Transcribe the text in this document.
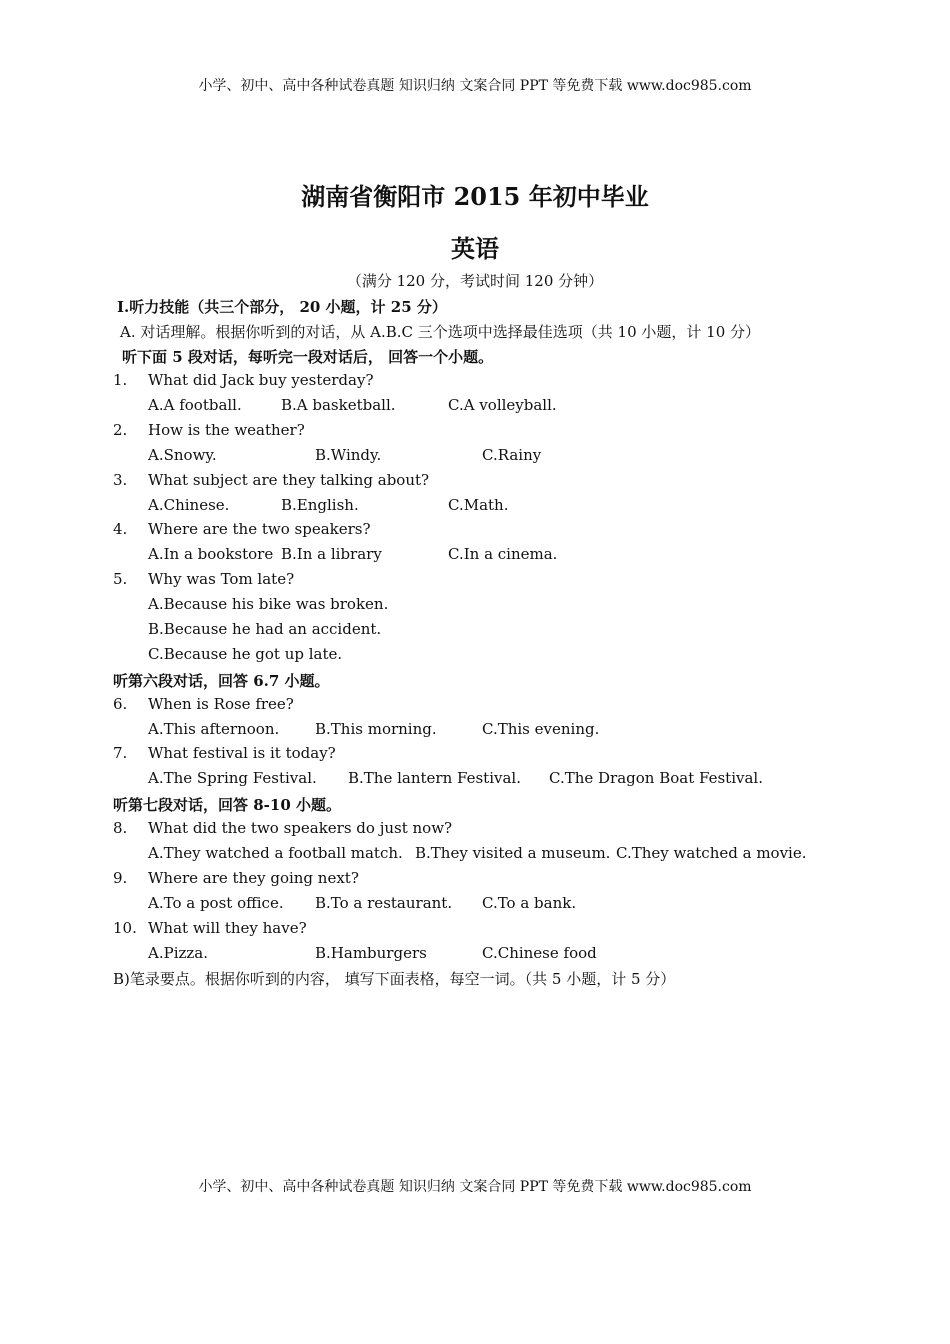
小学、初中、高中各种试卷真题 知识归纳 文案合同 PPT 等免费下载 www.doc985.com
湖南省衡阳市 2015 年初中毕业
英语
（满分 120 分，考试时间 120 分钟）
I.听力技能（共三个部分， 20 小题，计 25 分）
A. 对话理解。根据你听到的对话，从 A.B.C 三个选项中选择最佳选项（共 10 小题，计 10 分）
听下面 5 段对话，每听完一段对话后， 回答一个小题。
1. What did Jack buy yesterday?
A.A football.	B.A basketball.	C.A volleyball.
2. How is the weather?
A.Snowy.	B.Windy.	C.Rainy
3. What subject are they talking about?
A.Chinese.	B.English.	C.Math.
4. Where are the two speakers?
A.In a bookstore B.In a library	C.In a cinema.
5. Why was Tom late?
A.Because his bike was broken.
B.Because he had an accident.
C.Because he got up late.
听第六段对话，回答 6.7 小题。
6. When is Rose free?
A.This afternoon. B.This morning.	C.This evening.
7. What festival is it today?
A.The Spring Festival. B.The lantern Festival. C.The Dragon Boat Festival.
听第七段对话，回答 8-10 小题。
8. What did the two speakers do just now?
A.They watched a football match. B.They visited a museum. C.They watched a movie.
9. Where are they going next?
A.To a post office. B.To a restaurant. C.To a bank.
10. What will they have?
A.Pizza.	B.Hamburgers	C.Chinese food
B)笔录要点。根据你听到的内容， 填写下面表格，每空一词。（共 5 小题，计 5 分）
小学、初中、高中各种试卷真题 知识归纳 文案合同 PPT 等免费下载 www.doc985.com
